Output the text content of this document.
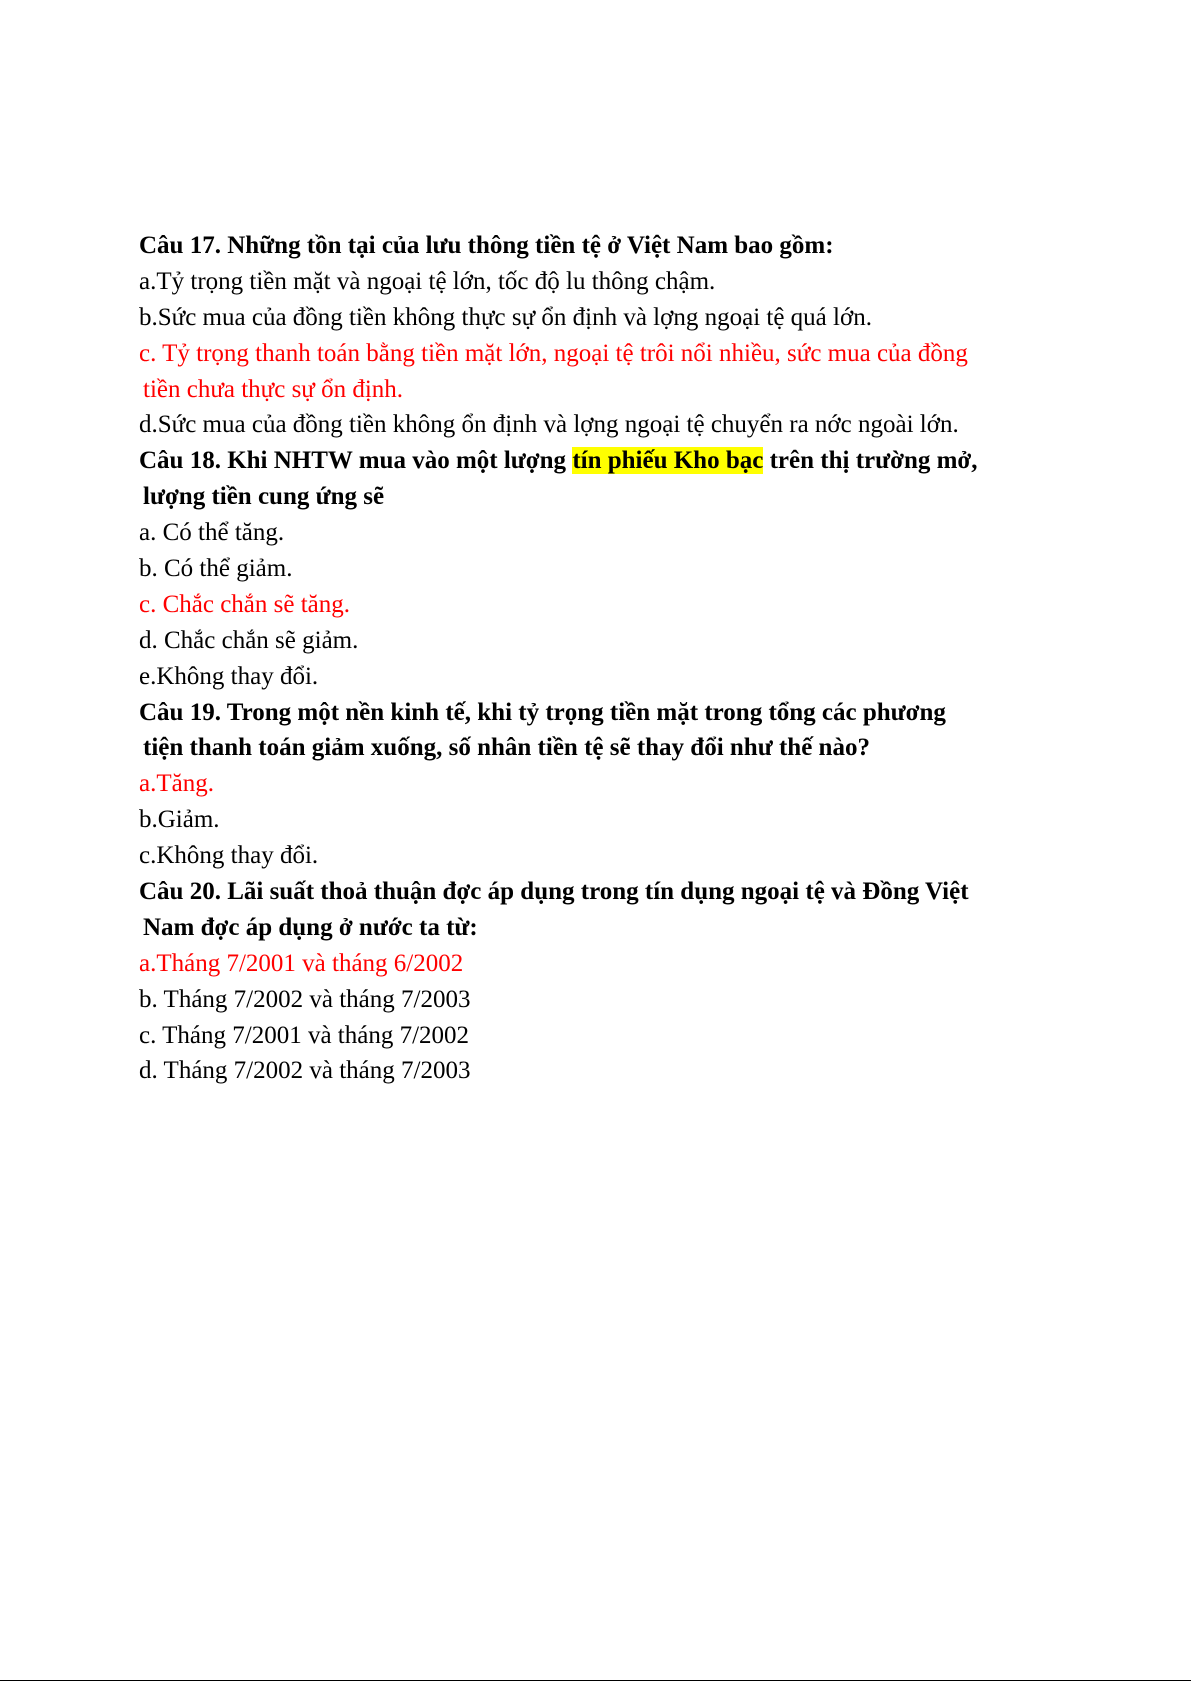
Câu 17. Những tồn tại của lưu thông tiền tệ ở Việt Nam bao gồm:
a.Tỷ trọng tiền mặt và ngoại tệ lớn, tốc độ lu thông chậm.
b.Sức mua của đồng tiền không thực sự ổn định và lợng ngoại tệ quá lớn.
c. Tỷ trọng thanh toán bằng tiền mặt lớn, ngoại tệ trôi nổi nhiều, sức mua của đồng
tiền chưa thực sự ổn định.
d.Sức mua của đồng tiền không ổn định và lợng ngoại tệ chuyển ra nớc ngoài lớn.
Câu 18. Khi NHTW mua vào một lượng tín phiếu Kho bạc trên thị trường mở,
lượng tiền cung ứng sẽ
a. Có thể tăng.
b. Có thể giảm.
c. Chắc chắn sẽ tăng.
d. Chắc chắn sẽ giảm.
e.Không thay đổi.
Câu 19. Trong một nền kinh tế, khi tỷ trọng tiền mặt trong tổng các phương
tiện thanh toán giảm xuống, số nhân tiền tệ sẽ thay đổi như thế nào?
a.Tăng.
b.Giảm.
c.Không thay đổi.
Câu 20. Lãi suất thoả thuận đợc áp dụng trong tín dụng ngoại tệ và Đồng Việt
Nam đợc áp dụng ở nước ta từ:
a.Tháng 7/2001 và tháng 6/2002
b. Tháng 7/2002 và tháng 7/2003
c. Tháng 7/2001 và tháng 7/2002
d. Tháng 7/2002 và tháng 7/2003
